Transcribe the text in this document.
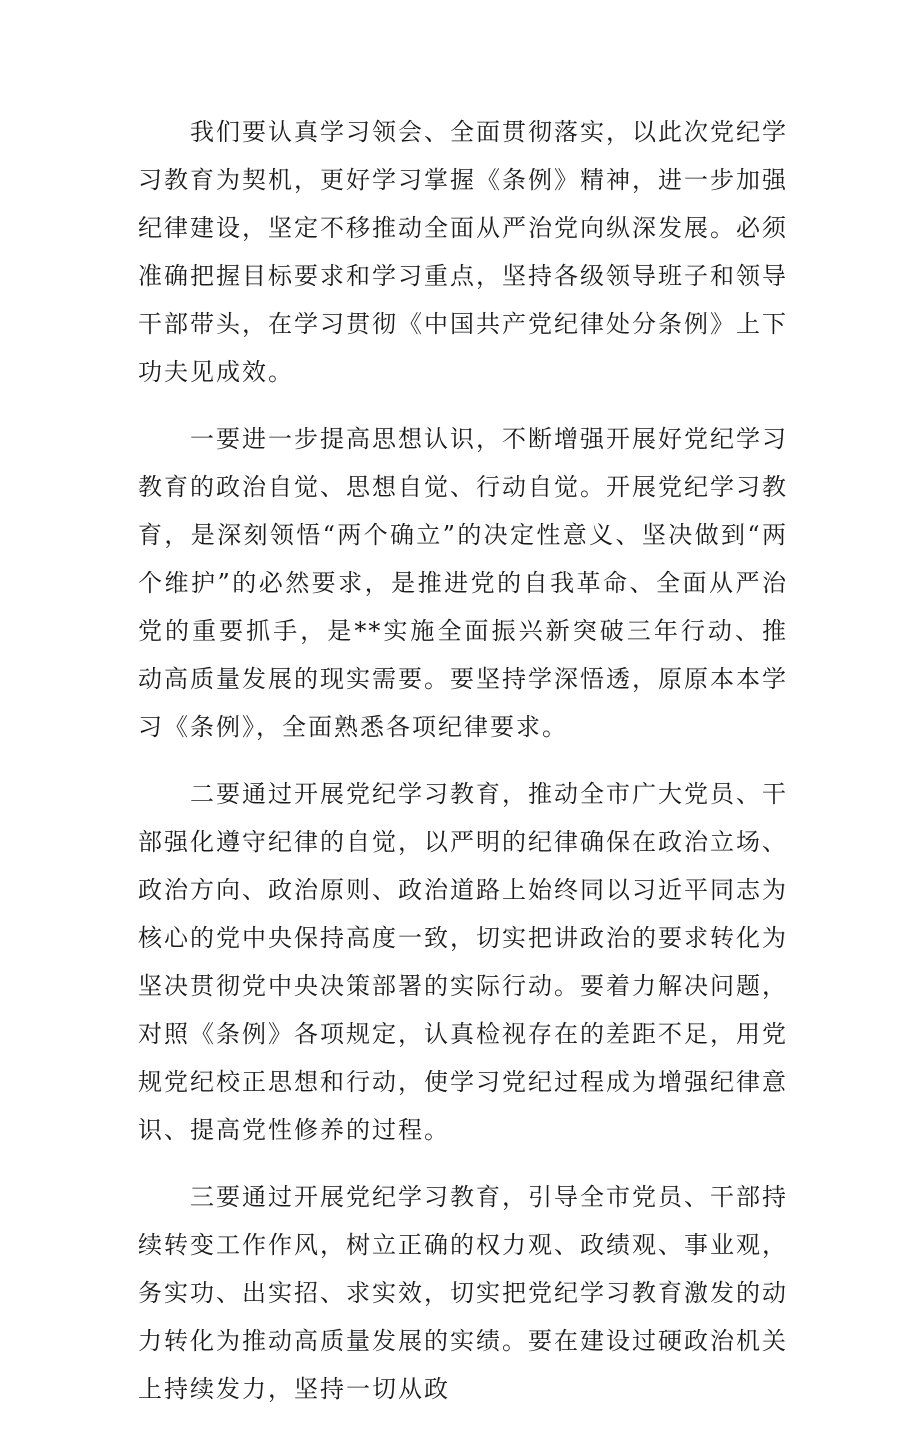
我们要认真学习领会、全面贯彻落实，以此次党纪学习教育为契机，更好学习掌握《条例》精神，进一步加强纪律建设，坚定不移推动全面从严治党向纵深发展。必须准确把握目标要求和学习重点，坚持各级领导班子和领导干部带头，在学习贯彻《中国共产党纪律处分条例》上下功夫见成效。

一要进一步提高思想认识，不断增强开展好党纪学习教育的政治自觉、思想自觉、行动自觉。开展党纪学习教育，是深刻领悟“两个确立”的决定性意义、坚决做到“两个维护”的必然要求，是推进党的自我革命、全面从严治党的重要抓手，是**实施全面振兴新突破三年行动、推动高质量发展的现实需要。要坚持学深悟透，原原本本学习《条例》，全面熟悉各项纪律要求。

二要通过开展党纪学习教育，推动全市广大党员、干部强化遵守纪律的自觉，以严明的纪律确保在政治立场、政治方向、政治原则、政治道路上始终同以习近平同志为核心的党中央保持高度一致，切实把讲政治的要求转化为坚决贯彻党中央决策部署的实际行动。要着力解决问题，对照《条例》各项规定，认真检视存在的差距不足，用党规党纪校正思想和行动，使学习党纪过程成为增强纪律意识、提高党性修养的过程。

三要通过开展党纪学习教育，引导全市党员、干部持续转变工作作风，树立正确的权力观、政绩观、事业观，务实功、出实招、求实效，切实把党纪学习教育激发的动力转化为推动高质量发展的实绩。要在建设过硬政治机关上持续发力，坚持一切从政
